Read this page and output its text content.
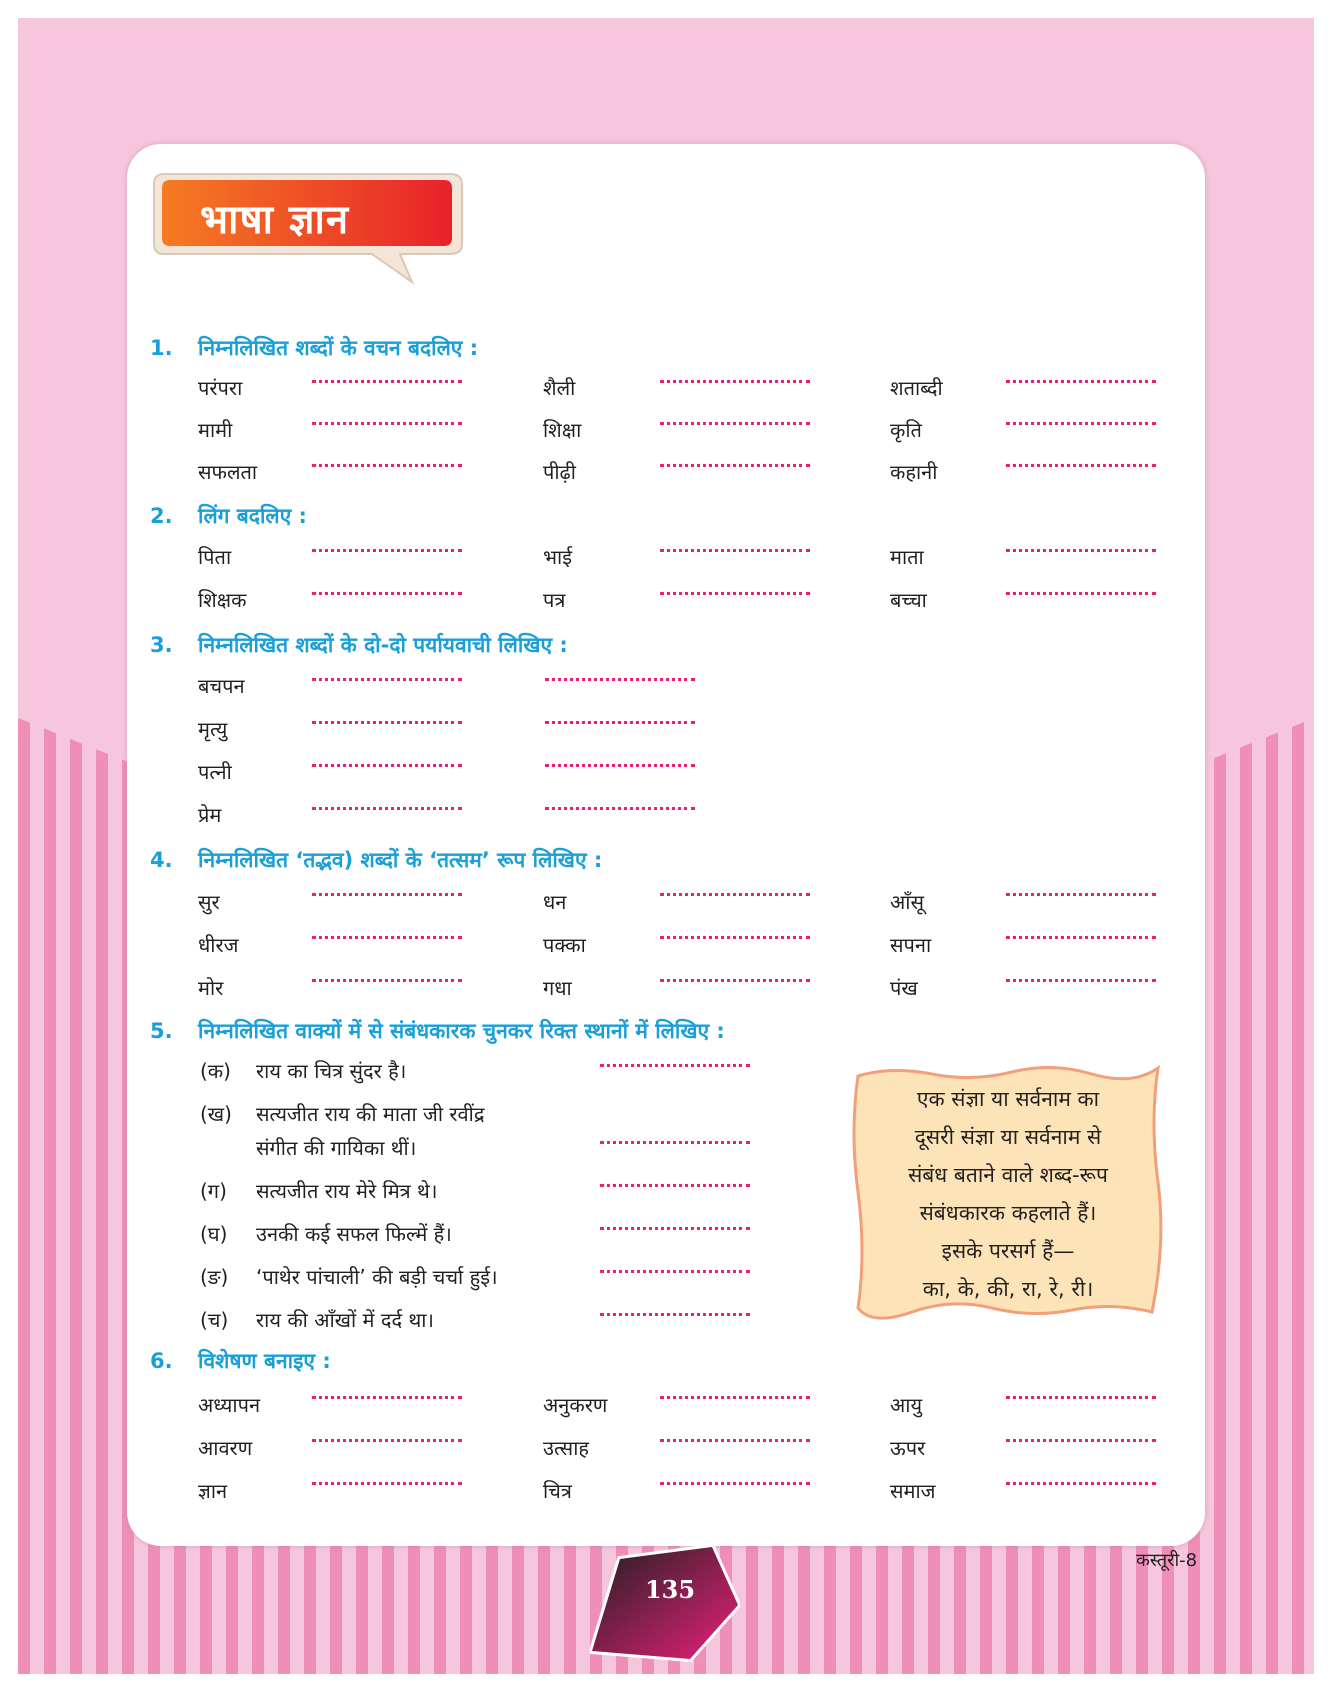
भाषा ज्ञान
1. निम्नलिखित शब्दों के वचन बदलिए :
परंपरा	शैली	शताब्दी
मामी	शिक्षा	कृति
सफलता	पीढ़ी	कहानी
2. लिंग बदलिए :
पिता	भाई	माता
शिक्षक	पत्र	बच्चा
3. निम्नलिखित शब्दों के दो-दो पर्यायवाची लिखिए :
बचपन
मृत्यु
पत्नी
प्रेम
4. निम्नलिखित ‘तद्भव) शब्दों के ‘तत्सम’ रूप लिखिए :
सुर	धन	आँसू
धीरज	पक्का	सपना
मोर	गधा	पंख
5. निम्नलिखित वाक्यों में से संबंधकारक चुनकर रिक्त स्थानों में लिखिए :
(क) राय का चित्र सुंदर है।
(ख) सत्यजीत राय की माता जी रवींद्र
संगीत की गायिका थीं।
(ग) सत्यजीत राय मेरे मित्र थे।
(घ) उनकी कई सफल फिल्में हैं।
(ङ) ‘पाथेर पांचाली’ की बड़ी चर्चा हुई।
(च) राय की आँखों में दर्द था।
एक संज्ञा या सर्वनाम का
दूसरी संज्ञा या सर्वनाम से
संबंध बताने वाले शब्द-रूप
संबंधकारक कहलाते हैं।
इसके परसर्ग हैं—
का, के, की, रा, रे, री।
6. विशेषण बनाइए :
अध्यापन	अनुकरण	आयु
आवरण	उत्साह	ऊपर
ज्ञान	चित्र	समाज
कस्तूरी-8
135
